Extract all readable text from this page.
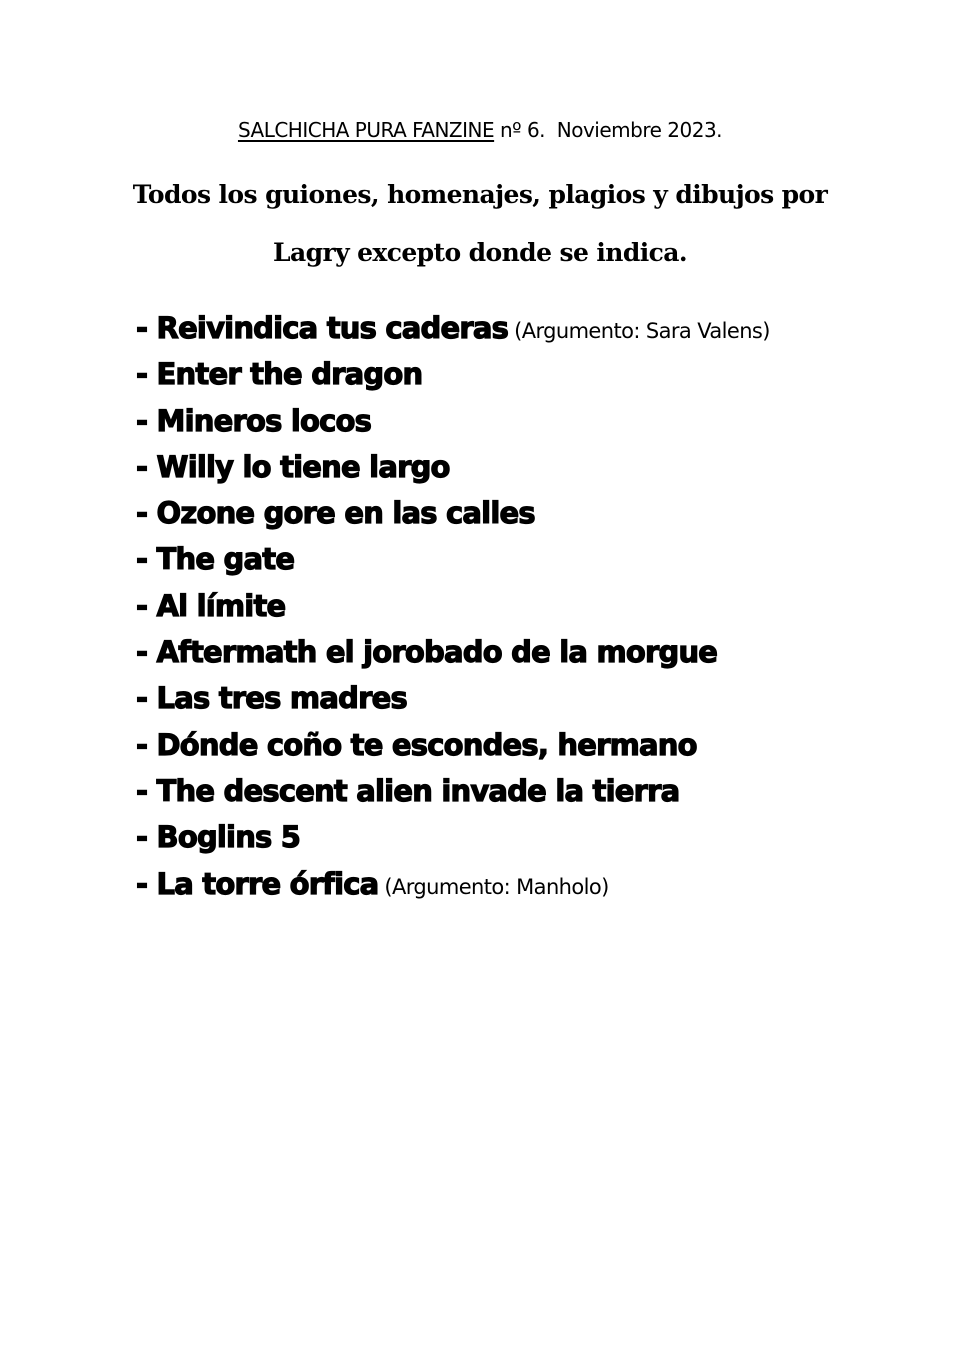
SALCHICHA PURA FANZINE nº 6. Noviembre 2023.
Todos los guiones, homenajes, plagios y dibujos por
Lagry excepto donde se indica.
- Reivindica tus caderas (Argumento: Sara Valens)
- Enter the dragon
- Mineros locos
- Willy lo tiene largo
- Ozone gore en las calles
- The gate
- Al límite
- Aftermath el jorobado de la morgue
- Las tres madres
- Dónde coño te escondes, hermano
- The descent alien invade la tierra
- Boglins 5
- La torre órfica (Argumento: Manholo)
